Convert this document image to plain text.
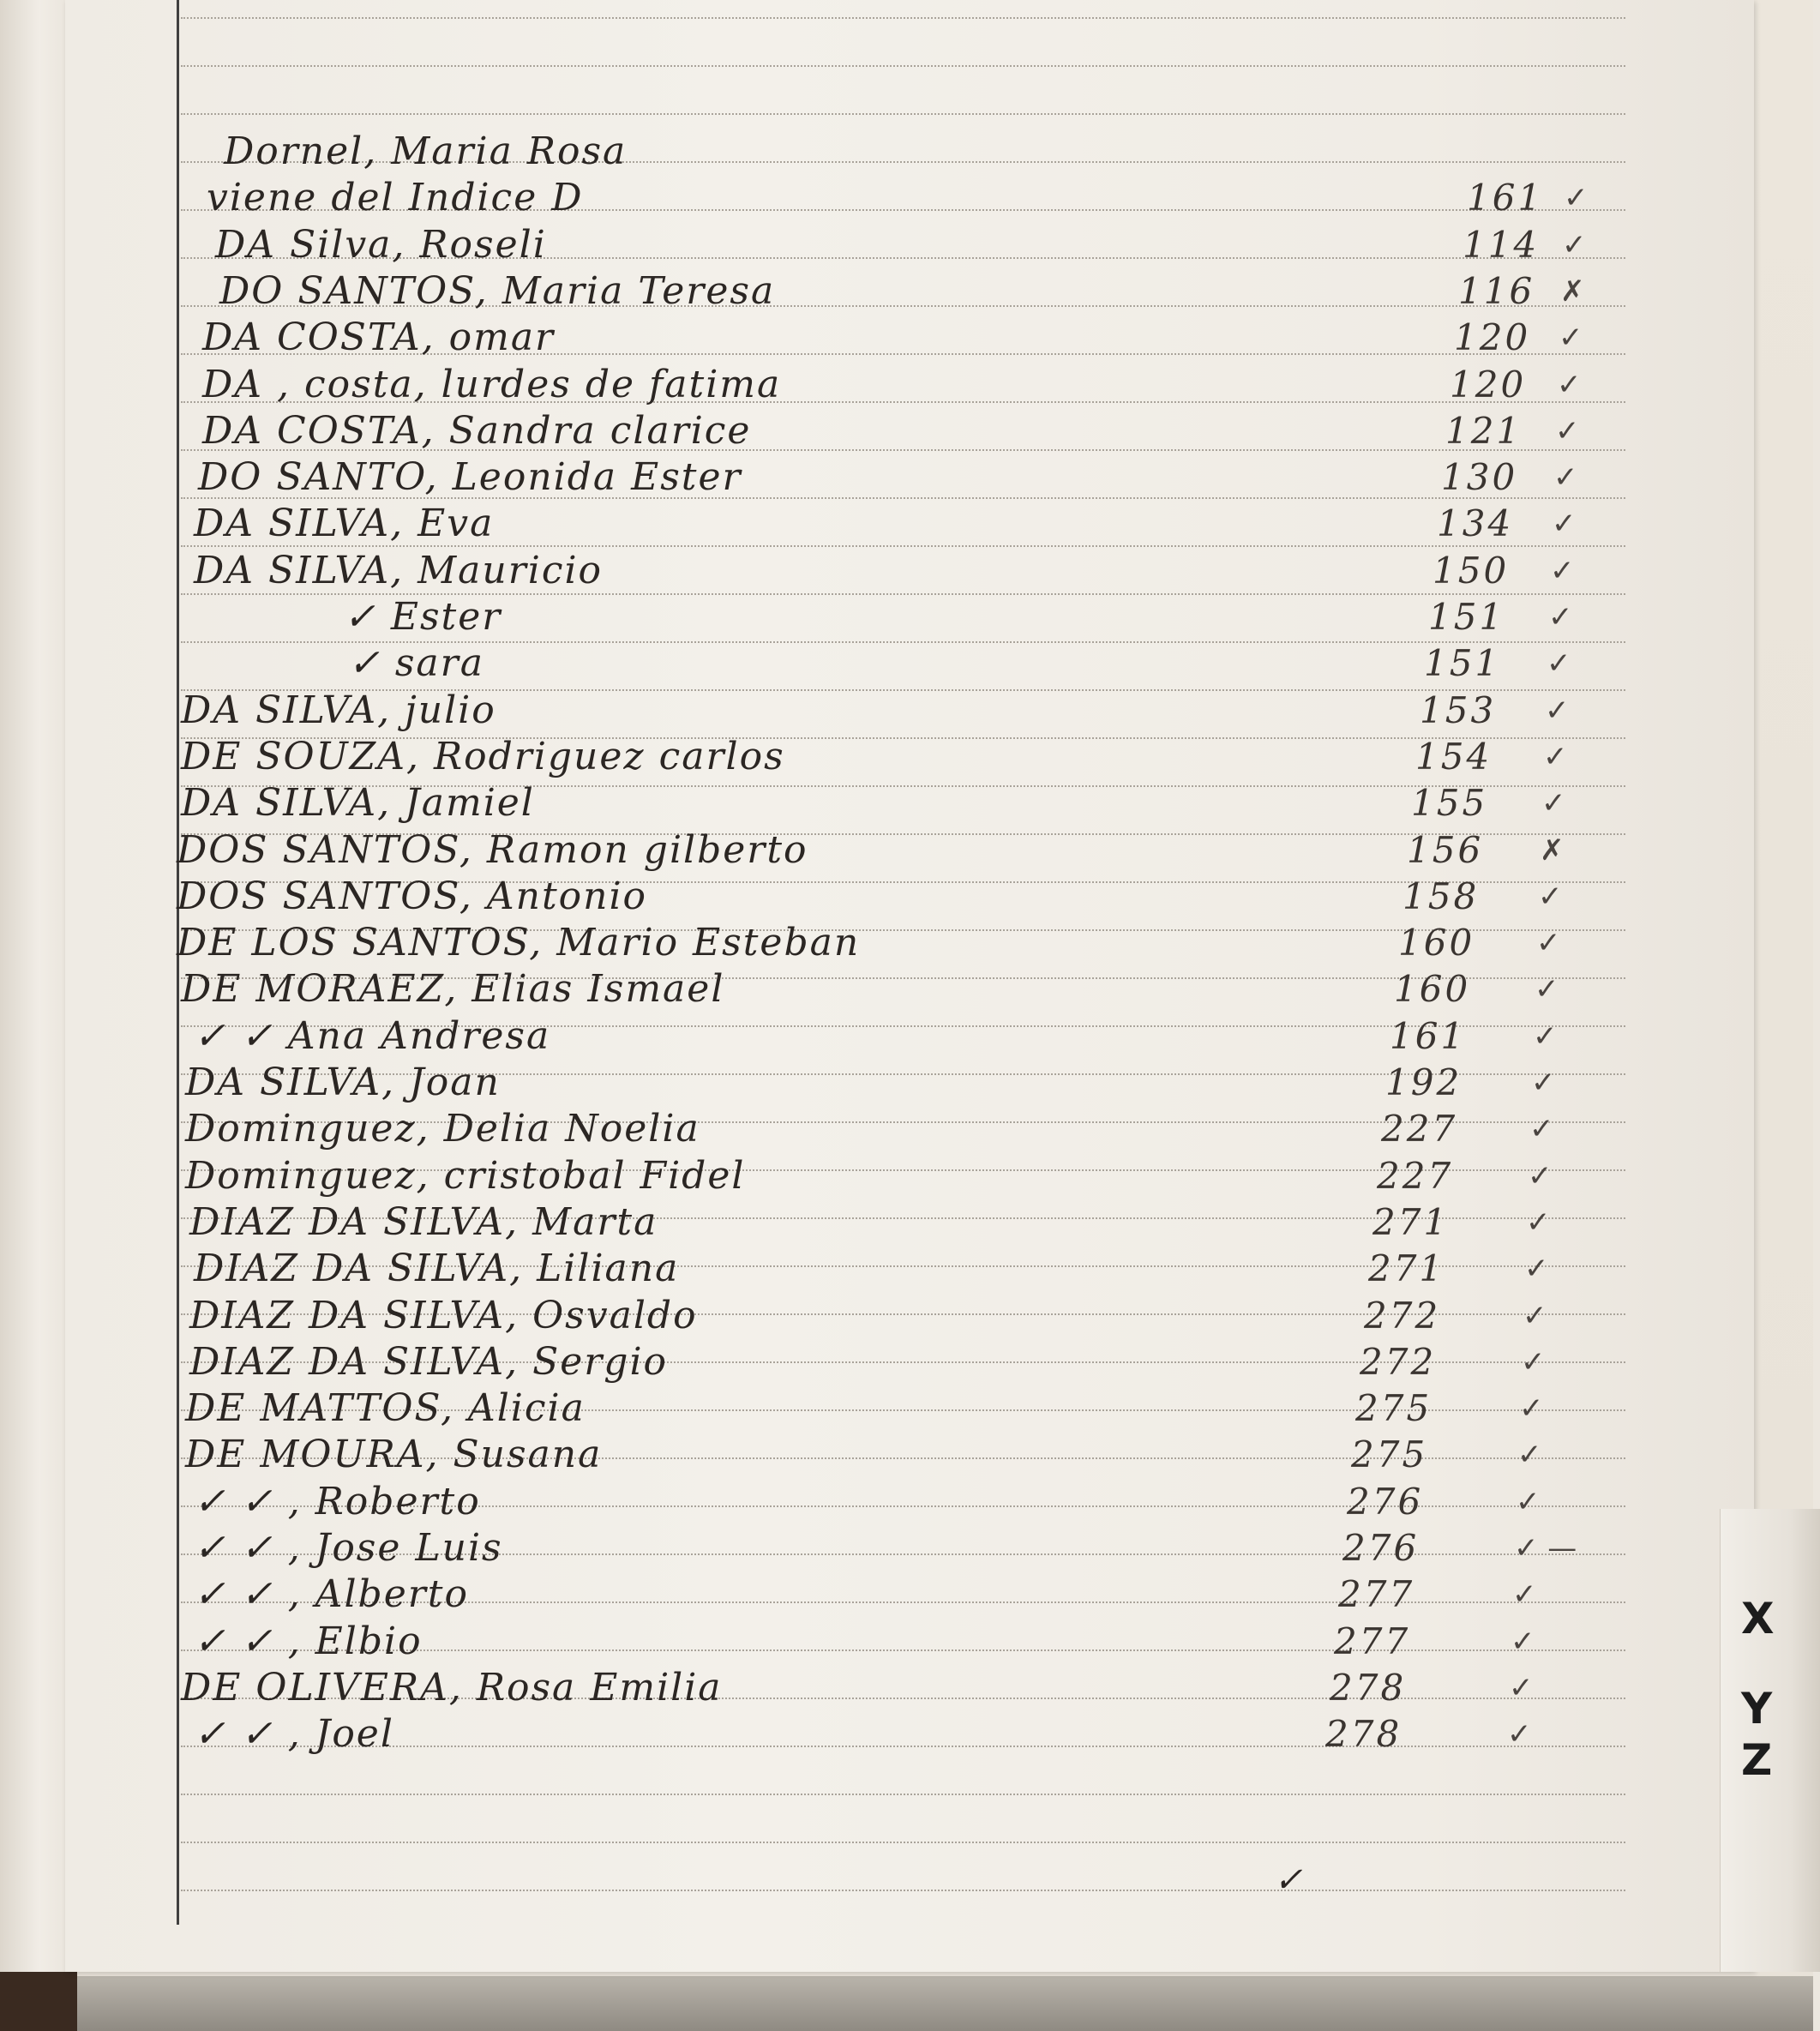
Dornel, Maria Rosa
viene del Indice D	161 ✓
DA Silva, Roseli	114 ✓
DO SANTOS, Maria Teresa	116 ✗
DA COSTA, omar	120 ✓
DA , costa, lurdes de fatima	120 ✓
DA COSTA, Sandra clarice	121 ✓
DO SANTO, Leonida Ester	130 ✓
DA SILVA, Eva	134 ✓
DA SILVA, Mauricio	150 ✓
✓ Ester	151 ✓
✓ sara	151 ✓
DA SILVA, julio	153 ✓
DE SOUZA, Rodriguez carlos	154 ✓
DA SILVA, Jamiel	155 ✓
DOS SANTOS, Ramon gilberto	156 ✗
DOS SANTOS, Antonio	158 ✓
DE LOS SANTOS, Mario Esteban	160 ✓
DE MORAEZ, Elias Ismael	160 ✓
✓ ✓ Ana Andresa	161 ✓
DA SILVA, Joan	192 ✓
Dominguez, Delia Noelia	227 ✓
Dominguez, cristobal Fidel	227	✓
DIAZ DA SILVA, Marta	271	✓
DIAZ DA SILVA, Liliana	271	✓
DIAZ DA SILVA, Osvaldo	272	✓
DIAZ DA SILVA, Sergio	272	✓
DE MATTOS, Alicia	275	✓
DE MOURA, Susana	275	✓
✓ ✓ , Roberto	276	✓
✓ ✓ , Jose Luis	276	✓ —
✓ ✓ , Alberto	277	✓
✓ ✓ , Elbio	277	✓
DE OLIVERA, Rosa Emilia	278	✓
✓ ✓ , Joel	278	✓
X
Y
Z
✓
